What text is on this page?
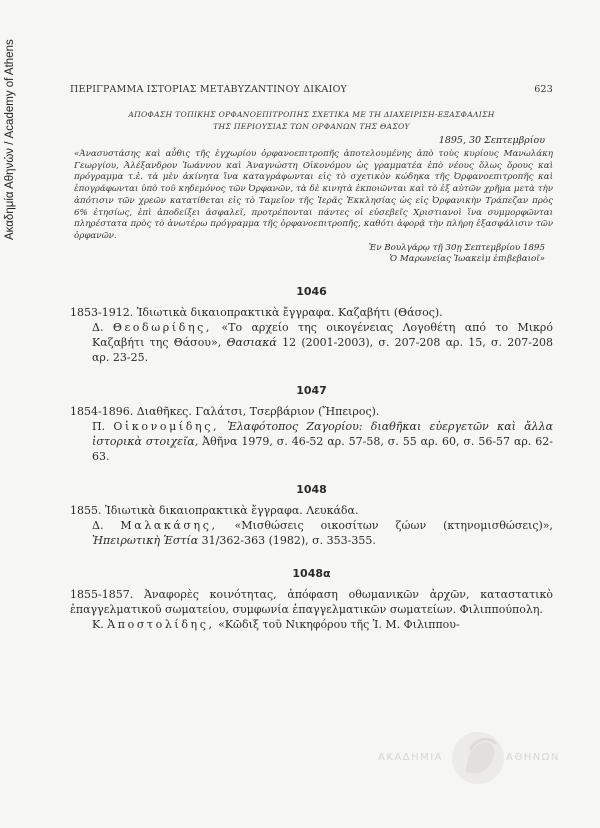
Ακαδημία Αθηνών / Academy of Athens	ΠΕΡΙΓΡΑΜΜΑ ΙΣΤΟΡΙΑΣ ΜΕΤΑΒΥΖΑΝΤΙΝΟΥ ΔΙΚΑΙΟΥ	623
ΑΠΟΦΑΣΗ ΤΟΠΙΚΗΣ ΟΡΦΑΝΟΕΠΙΤΡΟΠΗΣ ΣΧΕΤΙΚΑ ΜΕ ΤΗ ΔΙΑΧΕΙΡΙΣΗ-ΕΞΑΣΦΑΛΙΣΗ
ΤΗΣ ΠΕΡΙΟΥΣΙΑΣ ΤΩΝ ΟΡΦΑΝΩΝ ΤΗΣ ΘΑΣΟΥ
1895, 30 Σεπτεμβρίου
«Άνασυστάσης καὶ αὖθις τῆς ἐγχωρίου ὀρφανοεπιτροπῆς ἀποτελουμένης ἀπὸ τοὺς κυρίους Μανωλάκη Γεωργίου, Ἀλέξανδρον Ἰωάννου καὶ Ἀναγνώστη Οἰκονόμου ὡς γραμματέα ἐπὸ νέους ὅλως ὅρους καὶ πρόγραμμα τ.ἐ. τὰ μὲν ἀκίνητα ἵνα καταγράφωνται εἰς τὸ σχετικὸν κώδηκα τῆς Ὀρφανοεπιτροπῆς καὶ ἐπογράφωνται ὑπὸ τοῦ κηδεμόνος τῶν Ὀρφανῶν, τὰ δὲ κινητὰ ἐκποιῶνται καὶ τὸ ἐξ αὐτῶν χρῆμα μετὰ τὴν ἀπότισιν τῶν χρεῶν κατατίθεται εἰς τὸ Ταμεῖον τῆς Ἱερᾶς Ἐκκλησίας ὡς εἰς Ὀρφανικὴν Τράπεζαν πρὸς 6% ἐτησίως, ἐπὶ ἀποδείξει ἀσφαλεῖ, προτρέπονται πάντες οἱ εὐσεβεῖς Χριστιανοὶ ἵνα συμμορφῶνται πληρέστατα πρὸς τὸ ἀνωτέρω πρόγραμμα τῆς ὀρφανοεπιτροπῆς, καθότι ἀφορᾷ τὴν πλήρη ἐξασφάλισιν τῶν ὀρφανῶν.
Ἐν Βουλγάρῳ τῇ 30ῃ Σεπτεμβρίου 1895
Ὁ Μαρωνείας Ἰωακεὶμ ἐπιβεβαιοῖ»
1046
1853-1912. Ἰδιωτικὰ δικαιοπρακτικὰ ἔγγραφα. Καζαβήτι (Θάσος).
Δ. Θεοδωρίδης, «Το αρχείο της οικογένειας Λογοθέτη από το Μικρό Καζαβήτι της Θάσου», Θασιακά 12 (2001-2003), σ. 207-208 αρ. 15, σ. 207-208 αρ. 23-25.
1047
1854-1896. Διαθῆκες. Γαλάτσι, Τσερβάριον (Ἤπειρος).
Π. Οἰκονομίδης, Ἐλαφότοπος Ζαγορίου: διαθῆκαι εὐεργετῶν καὶ ἄλλα ἱστορικὰ στοιχεῖα, Ἀθῆνα 1979, σ. 46-52 αρ. 57-58, σ. 55 αρ. 60, σ. 56-57 αρ. 62-63.
1048
1855. Ἰδιωτικὰ δικαιοπρακτικὰ ἔγγραφα. Λευκάδα.
Δ. Μαλακάσης, «Μισθώσεις οικοσίτων ζώων (κτηνομισθώσεις)», Ἠπειρωτικὴ Ἑστία 31/362-363 (1982), σ. 353-355.
1048α
1855-1857. Ἀναφορὲς κοινότητας, ἀπόφαση οθωμανικῶν ἀρχῶν, καταστατικὸ ἐπαγγελματικοῦ σωματείου, συμφωνία ἐπαγγελματικῶν σωματείων. Φιλιππούπολη.
Κ. Ἀποστολίδης, «Κῶδιξ τοῦ Νικηφόρου τῆς Ἱ. Μ. Φιλιππου-
ΑΚΑΔΗΜΙΑ	ΑΘΗΝΩΝ
